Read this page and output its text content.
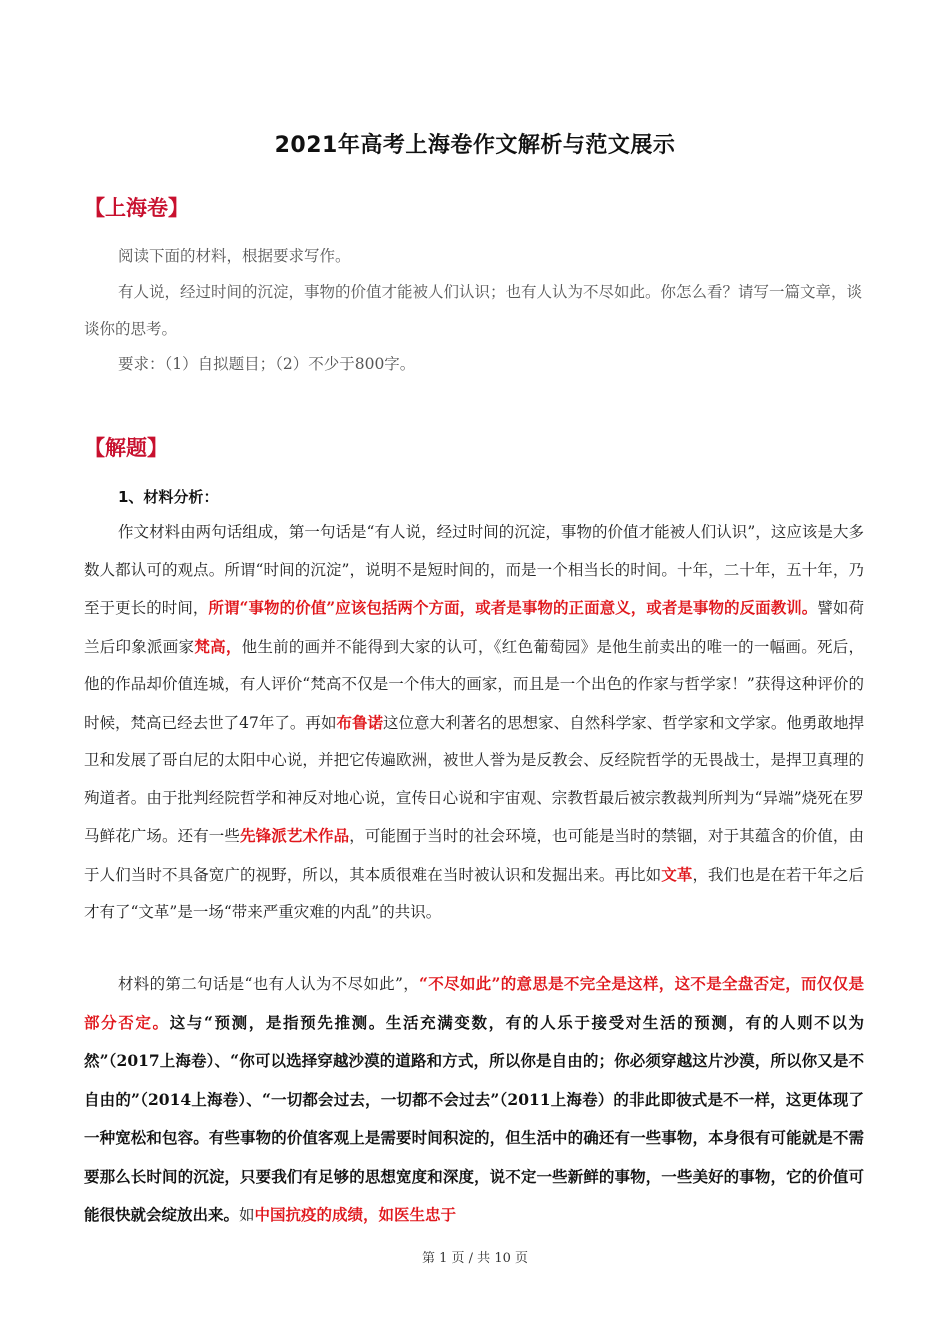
2021年高考上海卷作文解析与范文展示
【上海卷】
阅读下面的材料，根据要求写作。
有人说，经过时间的沉淀，事物的价值才能被人们认识；也有人认为不尽如此。你怎么看？请写一篇文章，谈谈你的思考。
要求：（1）自拟题目；（2）不少于800字。
【解题】
1、材料分析：

作文材料由两句话组成，第一句话是“有人说，经过时间的沉淀，事物的价值才能被人们认识”，这应该是大多数人都认可的观点。所谓“时间的沉淀”，说明不是短时间的，而是一个相当长的时间。十年，二十年，五十年，乃至于更长的时间，所谓“事物的价值”应该包括两个方面，或者是事物的正面意义，或者是事物的反面教训。譬如荷兰后印象派画家梵高，他生前的画并不能得到大家的认可，《红色葡萄园》是他生前卖出的唯一的一幅画。死后，他的作品却价值连城，有人评价“梵高不仅是一个伟大的画家，而且是一个出色的作家与哲学家！”获得这种评价的时候，梵高已经去世了47年了。再如布鲁诺这位意大利著名的思想家、自然科学家、哲学家和文学家。他勇敢地捍卫和发展了哥白尼的太阳中心说，并把它传遍欧洲，被世人誉为是反教会、反经院哲学的无畏战士，是捍卫真理的殉道者。由于批判经院哲学和神反对地心说，宣传日心说和宇宙观、宗教哲最后被宗教裁判所判为“异端”烧死在罗马鲜花广场。还有一些先锋派艺术作品，可能囿于当时的社会环境，也可能是当时的禁锢，对于其蕴含的价值，由于人们当时不具备宽广的视野，所以，其本质很难在当时被认识和发掘出来。再比如文革，我们也是在若干年之后才有了“文革”是一场“带来严重灾难的内乱”的共识。

材料的第二句话是“也有人认为不尽如此”，“不尽如此”的意思是不完全是这样，这不是全盘否定，而仅仅是部分否定。这与“预测，是指预先推测。生活充满变数，有的人乐于接受对生活的预测，有的人则不以为然”（2017上海卷）、“你可以选择穿越沙漠的道路和方式，所以你是自由的；你必须穿越这片沙漠，所以你又是不自由的”（2014上海卷）、“一切都会过去，一切都不会过去”（2011上海卷）的非此即彼式是不一样，这更体现了一种宽松和包容。有些事物的价值客观上是需要时间积淀的，但生活中的确还有一些事物，本身很有可能就是不需要那么长时间的沉淀，只要我们有足够的思想宽度和深度，说不定一些新鲜的事物，一些美好的事物，它的价值可能很快就会绽放出来。如中国抗疫的成绩，如医生忠于

第 1 页 / 共 10 页
